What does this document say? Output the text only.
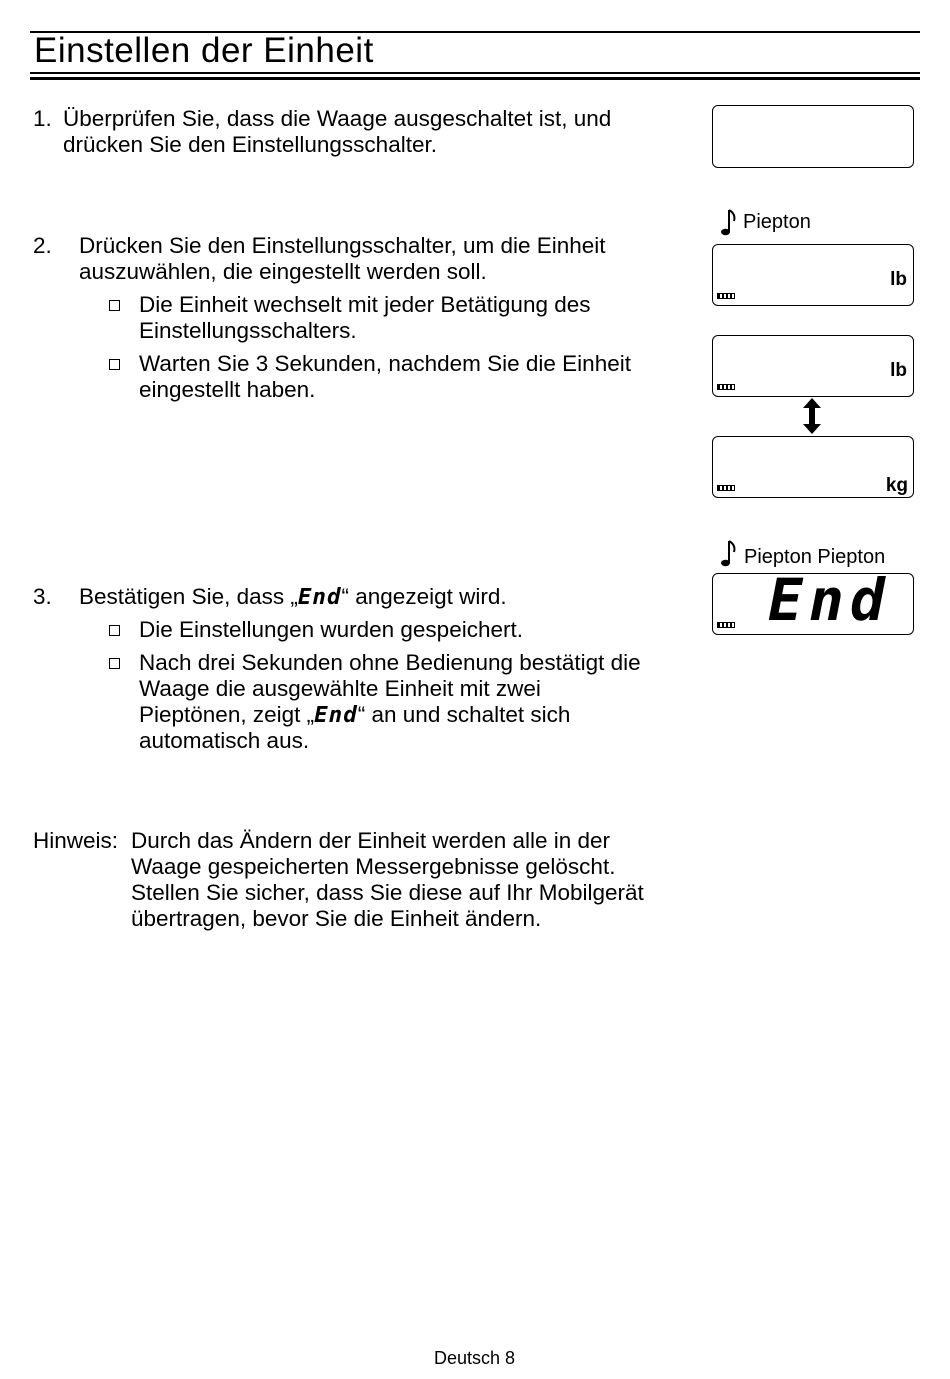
Einstellen der Einheit
1. Überprüfen Sie, dass die Waage ausgeschaltet ist, und
drücken Sie den Einstellungsschalter.
2. Drücken Sie den Einstellungsschalter, um die Einheit
auszuwählen, die eingestellt werden soll.
Die Einheit wechselt mit jeder Betätigung des
Einstellungsschalters.
Warten Sie 3 Sekunden, nachdem Sie die Einheit
eingestellt haben.
3. Bestätigen Sie, dass „End“ angezeigt wird.
Die Einstellungen wurden gespeichert.
Nach drei Sekunden ohne Bedienung bestätigt die
Waage die ausgewählte Einheit mit zwei
Pieptönen, zeigt „End“ an und schaltet sich
automatisch aus.
Hinweis: Durch das Ändern der Einheit werden alle in der
Waage gespeicherten Messergebnisse gelöscht.
Stellen Sie sicher, dass Sie diese auf Ihr Mobilgerät
übertragen, bevor Sie die Einheit ändern.
Piepton
lb
lb
kg
Piepton Piepton
End
Deutsch 8
